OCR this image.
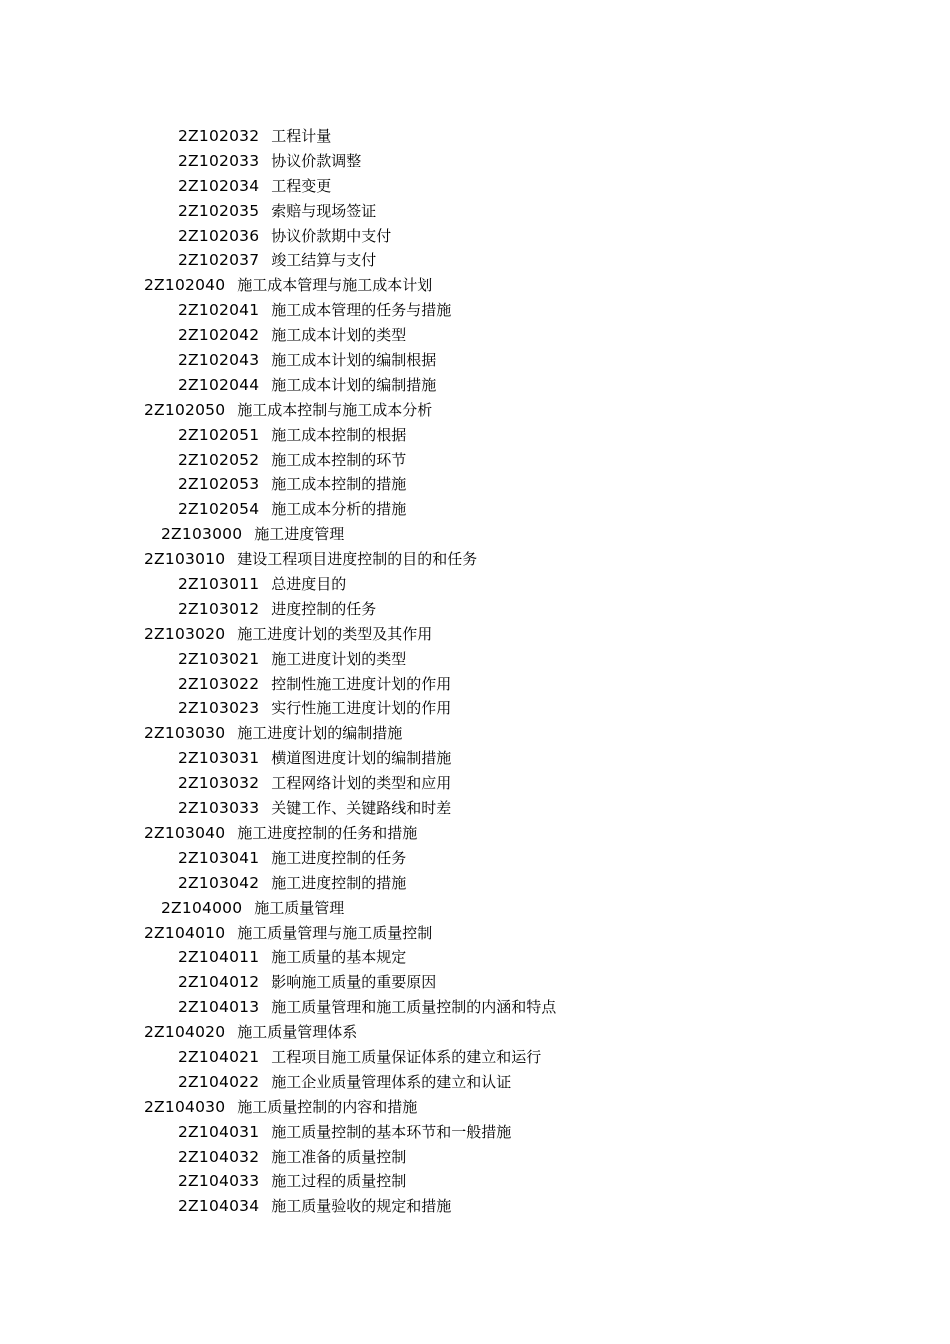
2Z102032 工程计量
2Z102033 协议价款调整
2Z102034 工程变更
2Z102035 索赔与现场签证
2Z102036 协议价款期中支付
2Z102037 竣工结算与支付
2Z102040 施工成本管理与施工成本计划
2Z102041 施工成本管理的任务与措施
2Z102042 施工成本计划的类型
2Z102043 施工成本计划的编制根据
2Z102044 施工成本计划的编制措施
2Z102050 施工成本控制与施工成本分析
2Z102051 施工成本控制的根据
2Z102052 施工成本控制的环节
2Z102053 施工成本控制的措施
2Z102054 施工成本分析的措施
2Z103000 施工进度管理
2Z103010 建设工程项目进度控制的目的和任务
2Z103011 总进度目的
2Z103012 进度控制的任务
2Z103020 施工进度计划的类型及其作用
2Z103021 施工进度计划的类型
2Z103022 控制性施工进度计划的作用
2Z103023 实行性施工进度计划的作用
2Z103030 施工进度计划的编制措施
2Z103031 横道图进度计划的编制措施
2Z103032 工程网络计划的类型和应用
2Z103033 关键工作、关键路线和时差
2Z103040 施工进度控制的任务和措施
2Z103041 施工进度控制的任务
2Z103042 施工进度控制的措施
2Z104000 施工质量管理
2Z104010 施工质量管理与施工质量控制
2Z104011 施工质量的基本规定
2Z104012 影响施工质量的重要原因
2Z104013 施工质量管理和施工质量控制的内涵和特点
2Z104020 施工质量管理体系
2Z104021 工程项目施工质量保证体系的建立和运行
2Z104022 施工企业质量管理体系的建立和认证
2Z104030 施工质量控制的内容和措施
2Z104031 施工质量控制的基本环节和一般措施
2Z104032 施工准备的质量控制
2Z104033 施工过程的质量控制
2Z104034 施工质量验收的规定和措施
